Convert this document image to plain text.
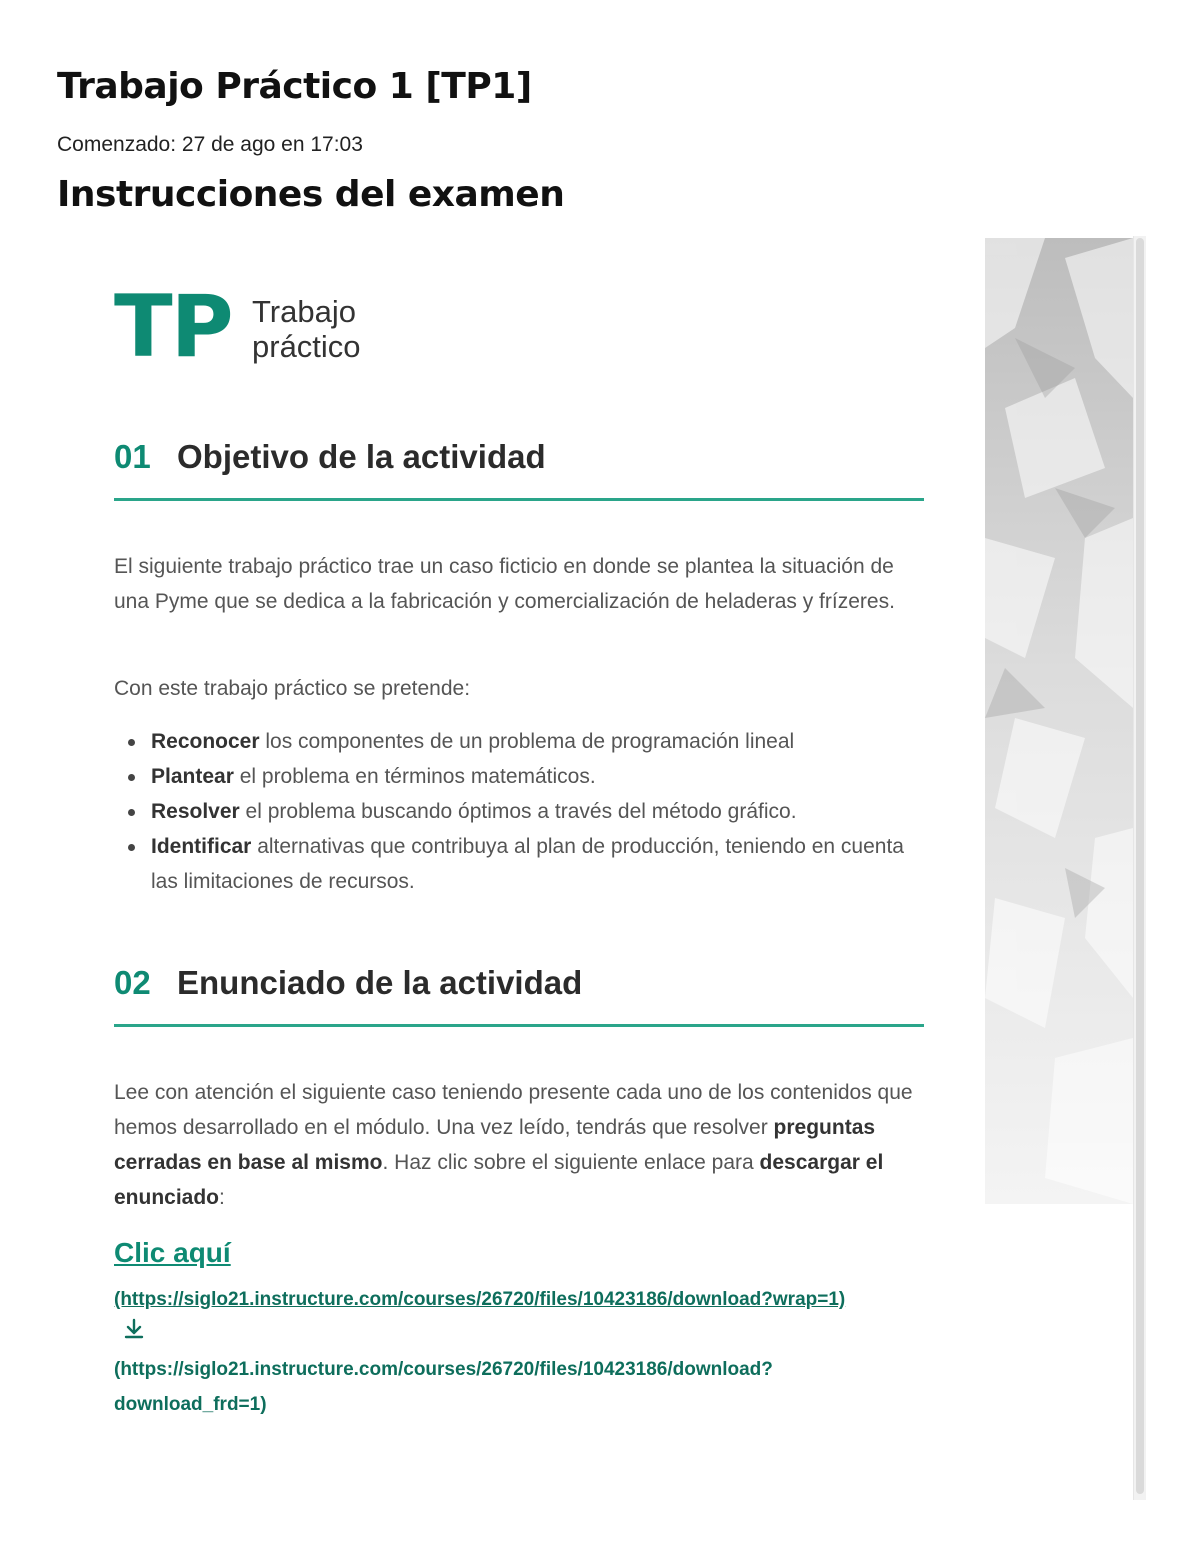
Trabajo Práctico 1 [TP1]
Comenzado: 27 de ago en 17:03
Instrucciones del examen
TP Trabajo
práctico
01 Objetivo de la actividad

El siguiente trabajo práctico trae un caso ficticio en donde se plantea la situación de una Pyme que se dedica a la fabricación y comercialización de heladeras y frízeres.

Con este trabajo práctico se pretende:

Reconocer los componentes de un problema de programación lineal
Plantear el problema en términos matemáticos.
Resolver el problema buscando óptimos a través del método gráfico.
Identificar alternativas que contribuya al plan de producción, teniendo en cuenta las limitaciones de recursos.
02 Enunciado de la actividad

Lee con atención el siguiente caso teniendo presente cada uno de los contenidos que hemos desarrollado en el módulo. Una vez leído, tendrás que resolver preguntas cerradas en base al mismo. Haz clic sobre el siguiente enlace para descargar el enunciado:

Clic aquí
(https://siglo21.instructure.com/courses/26720/files/10423186/download?wrap=1)
(https://siglo21.instructure.com/courses/26720/files/10423186/download?download_frd=1)
